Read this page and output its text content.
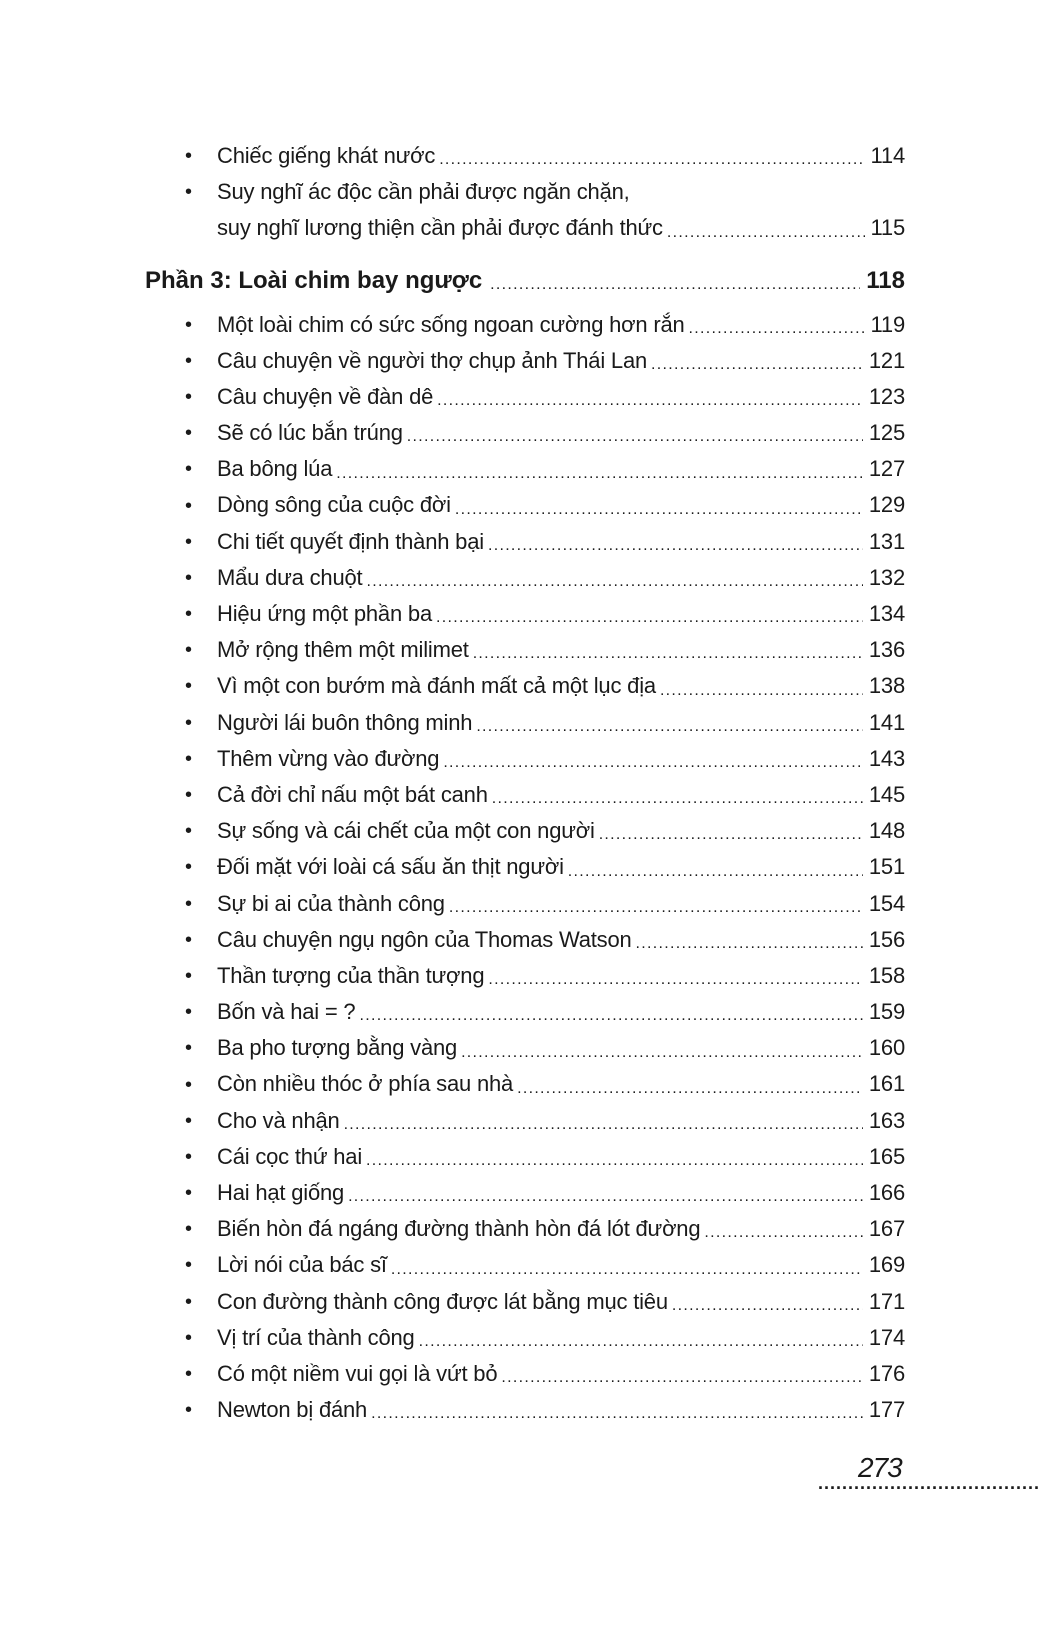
• Chiếc giếng khát nước .....	114
• Suy nghĩ ác độc cần phải được ngăn chặn,
suy nghĩ lương thiện cần phải được đánh thức .....	115
Phần 3: Loài chim bay ngược .....	118
• Một loài chim có sức sống ngoan cường hơn rắn .....	119
• Câu chuyện về người thợ chụp ảnh Thái Lan .....	121
• Câu chuyện về đàn dê .....	123
• Sẽ có lúc bắn trúng .....	125
• Ba bông lúa .....	127
• Dòng sông của cuộc đời .....	129
• Chi tiết quyết định thành bại .....	131
• Mẩu dưa chuột .....	132
• Hiệu ứng một phần ba .....	134
• Mở rộng thêm một milimet .....	136
• Vì một con bướm mà đánh mất cả một lục địa .....	138
• Người lái buôn thông minh .....	141
• Thêm vừng vào đường .....	143
• Cả đời chỉ nấu một bát canh .....	145
• Sự sống và cái chết của một con người .....	148
• Đối mặt với loài cá sấu ăn thịt người .....	151
• Sự bi ai của thành công .....	154
• Câu chuyện ngụ ngôn của Thomas Watson .....	156
• Thần tượng của thần tượng .....	158
• Bốn và hai = ? .....	159
• Ba pho tượng bằng vàng .....	160
• Còn nhiều thóc ở phía sau nhà .....	161
• Cho và nhận .....	163
• Cái cọc thứ hai .....	165
• Hai hạt giống .....	166
• Biến hòn đá ngáng đường thành hòn đá lót đường .....	167
• Lời nói của bác sĩ .....	169
• Con đường thành công được lát bằng mục tiêu .....	171
• Vị trí của thành công .....	174
• Có một niềm vui gọi là vứt bỏ .....	176
• Newton bị đánh .....	177
273
.....
